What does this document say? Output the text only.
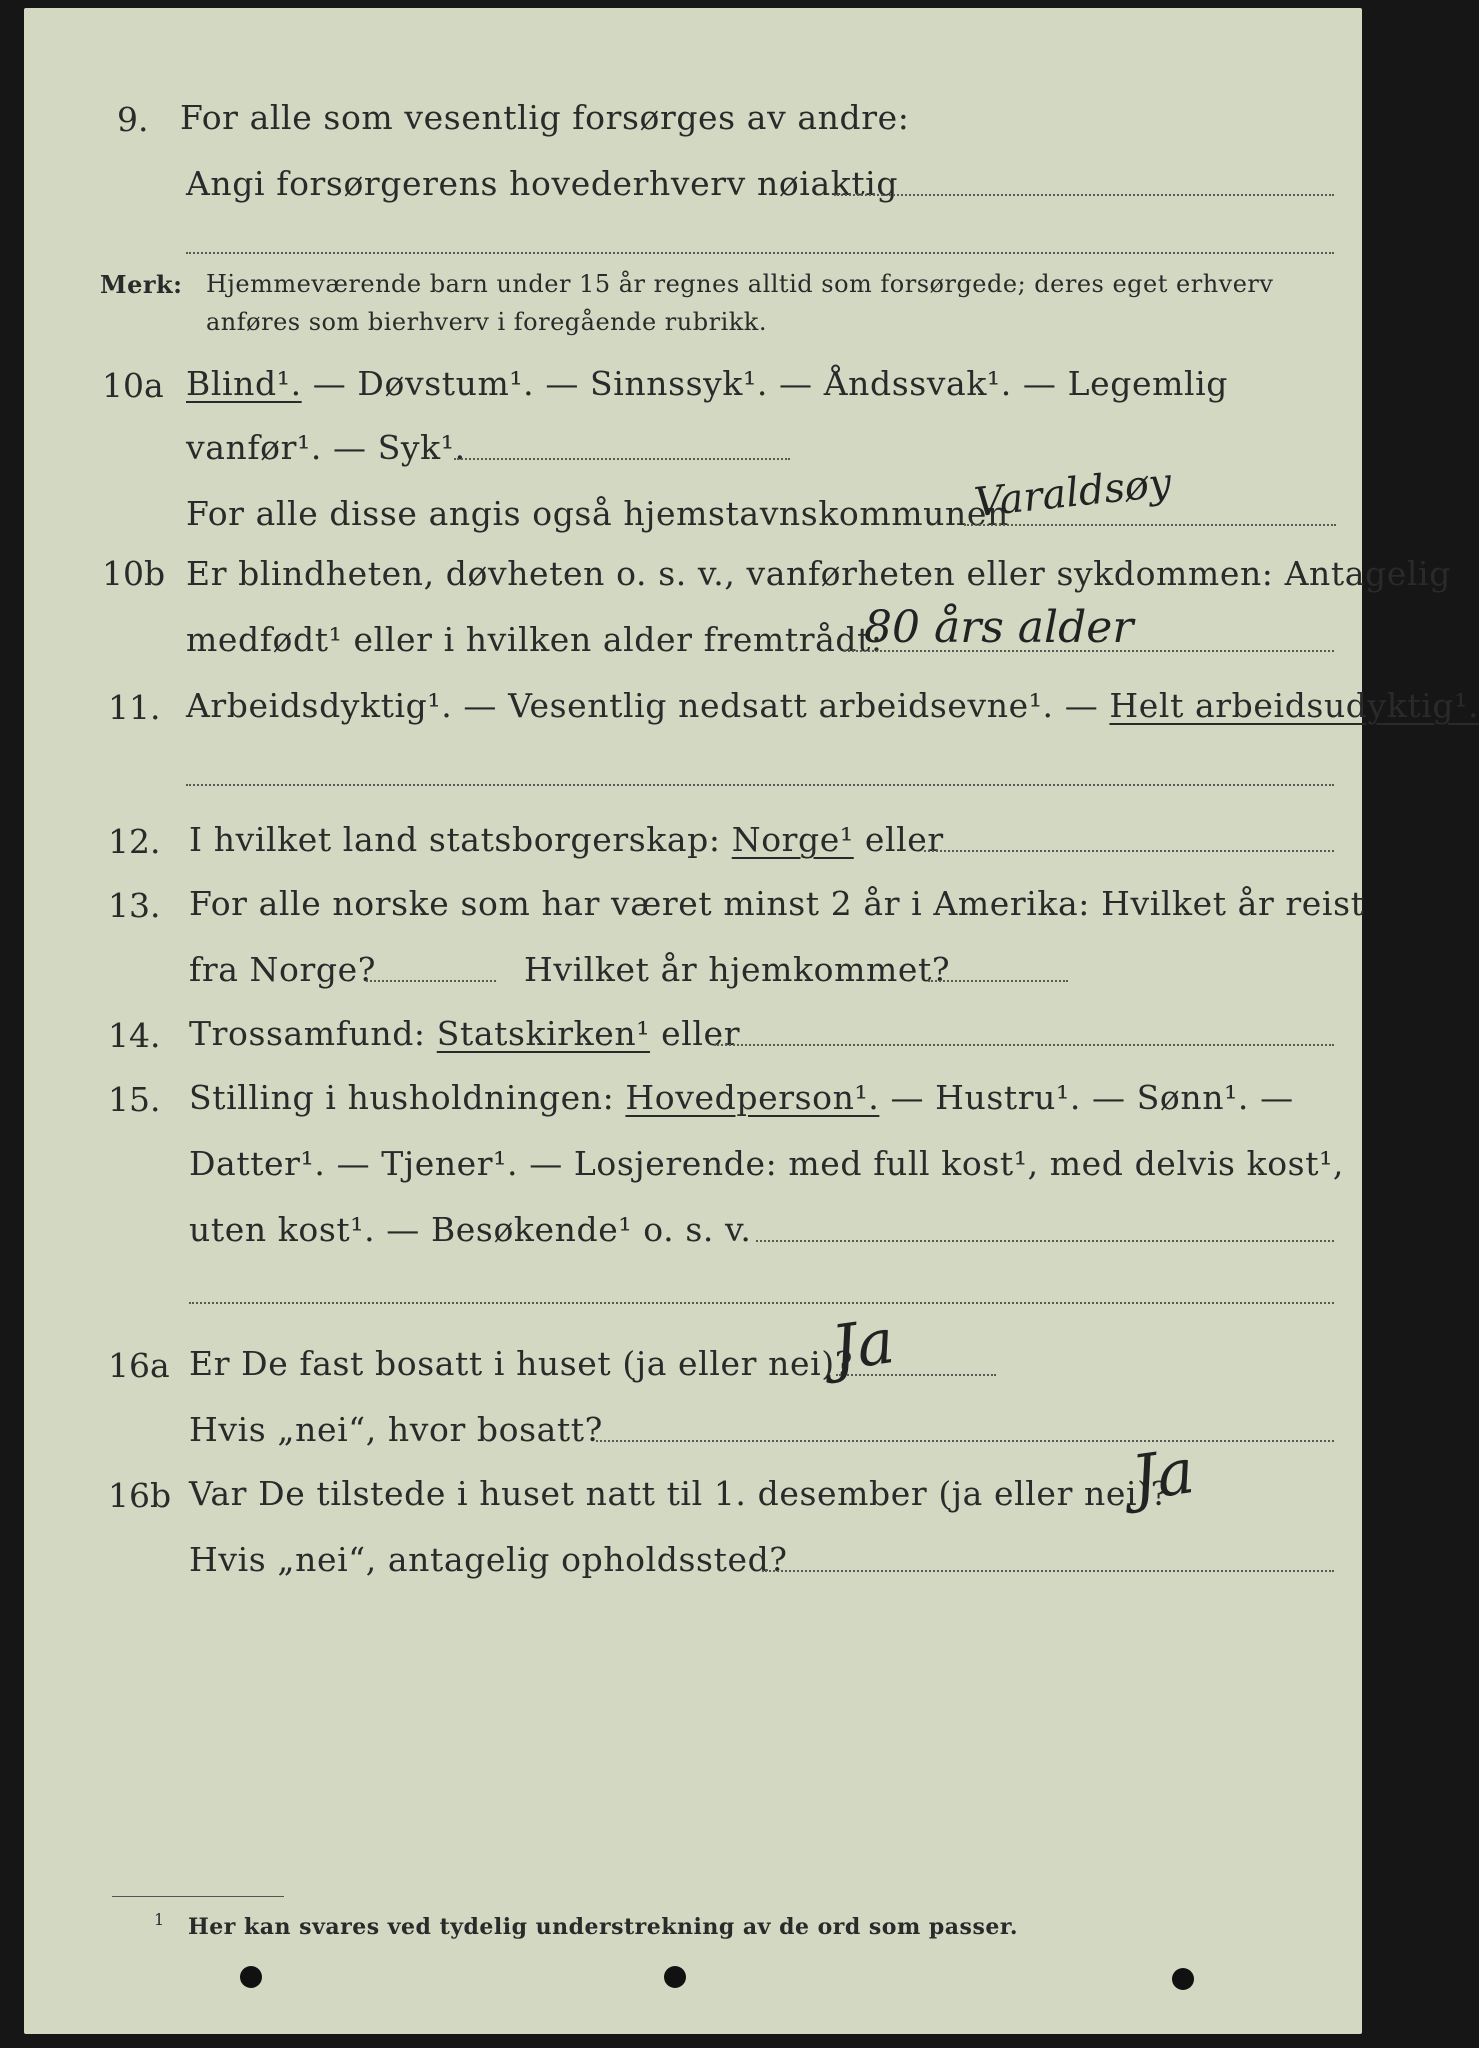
9. For alle som vesentlig forsørges av andre:
Angi forsørgerens hovederhverv nøiaktig
Merk: Hjemmeværende barn under 15 år regnes alltid som forsørgede; deres eget erhverv
anføres som bierhverv i foregående rubrikk.
10a Blind¹. — Døvstum¹. — Sinnssyk¹. — Åndssvak¹. — Legemlig
vanfør¹. — Syk¹.
For alle disse angis også hjemstavnskommunen
Varaldsøy
10b Er blindheten, døvheten o. s. v., vanførheten eller sykdommen: Antagelig
medfødt¹ eller i hvilken alder fremtrådt:
80 års alder
11. Arbeidsdyktig¹. — Vesentlig nedsatt arbeidsevne¹. — Helt arbeidsudyktig¹.
12. I hvilket land statsborgerskap: Norge¹ eller
13. For alle norske som har været minst 2 år i Amerika: Hvilket år reist
fra Norge?	Hvilket år hjemkommet?
14. Trossamfund: Statskirken¹ eller
15. Stilling i husholdningen: Hovedperson¹. — Hustru¹. — Sønn¹. —
Datter¹. — Tjener¹. — Losjerende: med full kost¹, med delvis kost¹,
uten kost¹. — Besøkende¹ o. s. v.
16a Er De fast bosatt i huset (ja eller nei)?
Ja
Hvis „nei“, hvor bosatt?
16b Var De tilstede i huset natt til 1. desember (ja eller nei)?
Ja
Hvis „nei“, antagelig opholdssted?
1 Her kan svares ved tydelig understrekning av de ord som passer.
